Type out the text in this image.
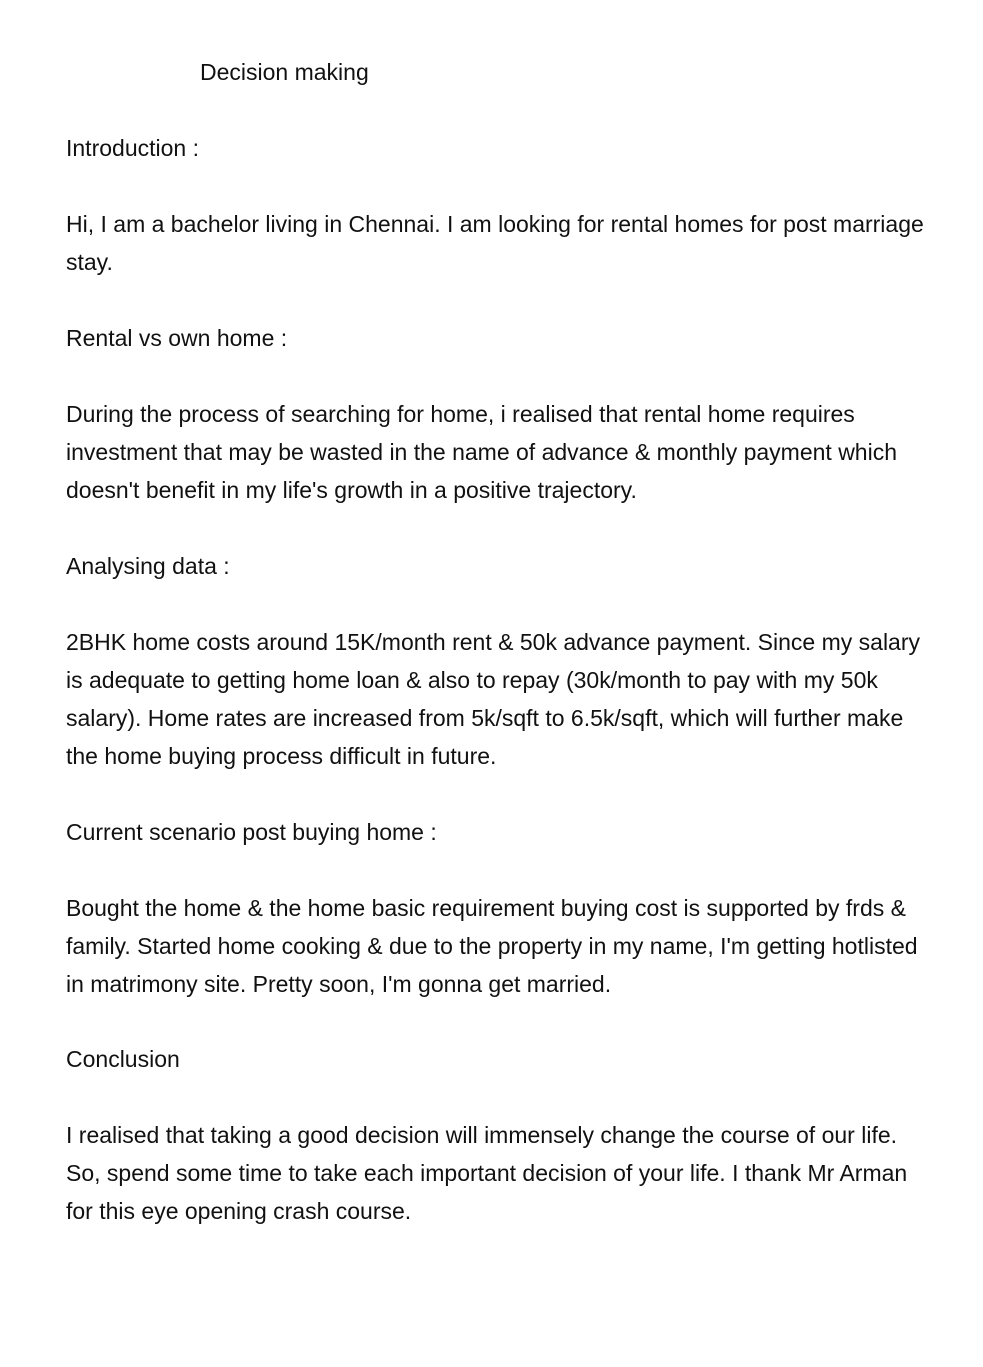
Decision making

Introduction :

Hi, I am a bachelor living in Chennai. I am looking for rental homes for post marriage stay.

Rental vs own home :

During the process of searching for home, i realised that rental home requires investment that may be wasted in the name of advance & monthly payment which doesn't benefit in my life's growth in a positive trajectory.

Analysing data :

2BHK home costs around 15K/month rent & 50k advance payment. Since my salary is adequate to getting home loan & also to repay (30k/month to pay with my 50k salary). Home rates are increased from 5k/sqft to 6.5k/sqft, which will further make the home buying process difficult in future.

Current scenario post buying home :

Bought the home & the home basic requirement buying cost is supported by frds & family. Started home cooking & due to the property in my name, I'm getting hotlisted in matrimony site. Pretty soon, I'm gonna get married.

Conclusion

I realised that taking a good decision will immensely change the course of our life. So, spend some time to take each important decision of your life. I thank Mr Arman for this eye opening crash course.
